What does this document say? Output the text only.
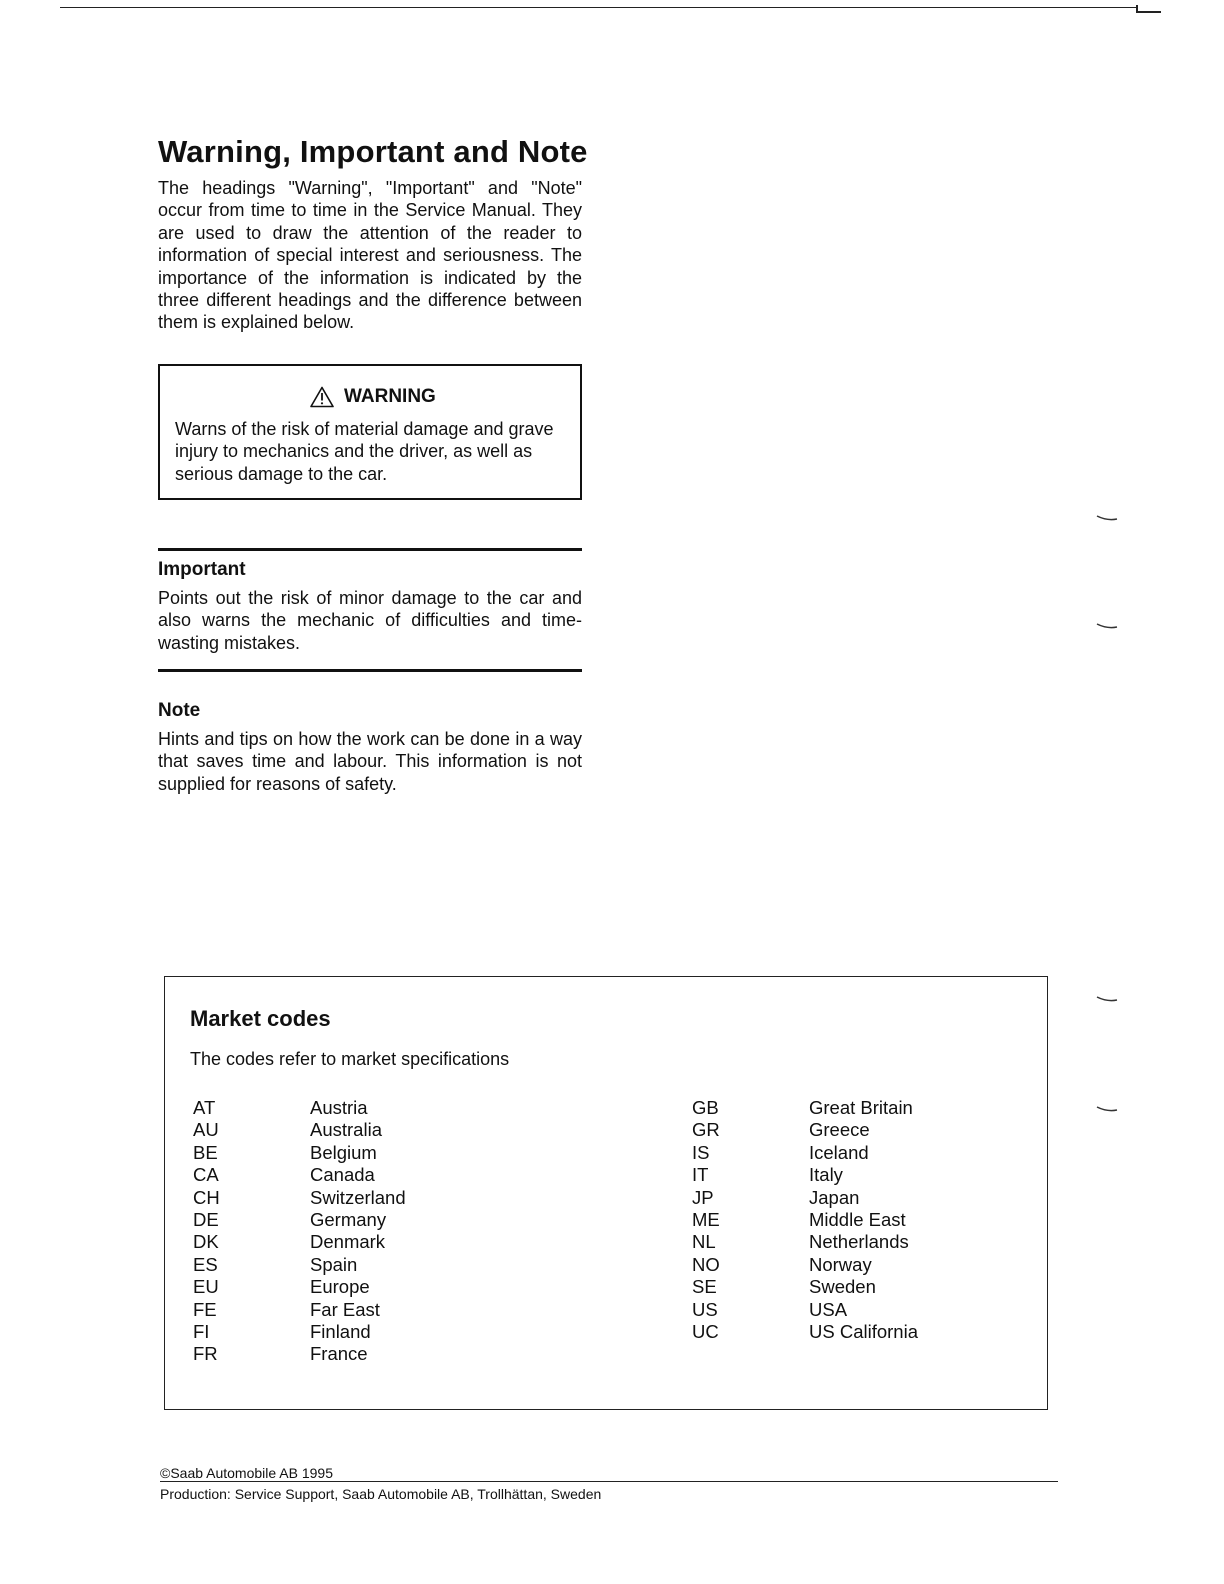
Warning, Important and Note

The headings "Warning", "Important" and "Note" occur from time to time in the Service Manual. They are used to draw the attention of the reader to information of special interest and seriousness. The importance of the information is indicated by the three different headings and the difference between them is explained below.

WARNING

Warns of the risk of material damage and grave injury to mechanics and the driver, as well as serious damage to the car.

Important

Points out the risk of minor damage to the car and also warns the mechanic of difficulties and time-wasting mistakes.

Note

Hints and tips on how the work can be done in a way that saves time and labour. This information is not supplied for reasons of safety.

Market codes

The codes refer to market specifications

AT	Austria
AU	Australia
BE	Belgium
CA	Canada
CH	Switzerland
DE	Germany
DK	Denmark
ES	Spain
EU	Europe
FE	Far East
FI	Finland
FR	France
GB	Great Britain
GR	Greece
IS	Iceland
IT	Italy
JP	Japan
ME	Middle East
NL	Netherlands
NO	Norway
SE	Sweden
US	USA
UC	US California

©Saab Automobile AB 1995

Production: Service Support, Saab Automobile AB, Trollhättan, Sweden
